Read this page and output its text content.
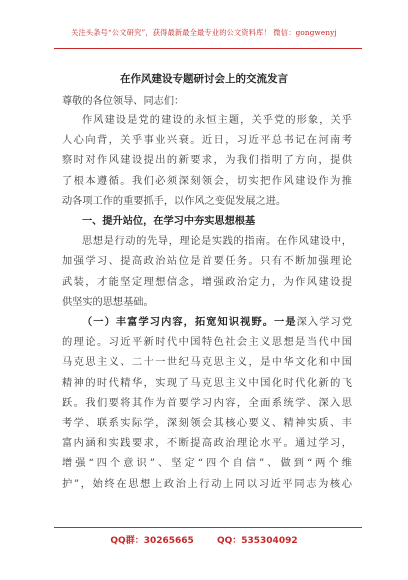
关注头条号“公文研究”，获得最新最全最专业的公文资料库！ 微信：gongwenyj
在作风建设专题研讨会上的交流发言
尊敬的各位领导、同志们：
作风建设是党的建设的永恒主题，关乎党的形象，关乎
人心向背，关乎事业兴衰。近日，习近平总书记在河南考
察时对作风建设提出的新要求，为我们指明了方向，提供
了根本遵循。我们必须深刻领会，切实把作风建设作为推
动各项工作的重要抓手，以作风之变促发展之进。
一、提升站位，在学习中夯实思想根基
思想是行动的先导，理论是实践的指南。在作风建设中，
加强学习、提高政治站位是首要任务。只有不断加强理论
武装，才能坚定理想信念，增强政治定力，为作风建设提
供坚实的思想基础。
（一）丰富学习内容，拓宽知识视野。一是深入学习党
的理论。习近平新时代中国特色社会主义思想是当代中国
马克思主义、二十一世纪马克思主义，是中华文化和中国
精神的时代精华，实现了马克思主义中国化时代化新的飞
跃。我们要将其作为首要学习内容，全面系统学、深入思
考学、联系实际学，深刻领会其核心要义、精神实质、丰
富内涵和实践要求，不断提高政治理论水平。通过学习，
增强“四个意识”、坚定“四个自信”、做到“两个维
护”，始终在思想上政治上行动上同以习近平同志为核心
QQ群：30265665	QQ：535304092
